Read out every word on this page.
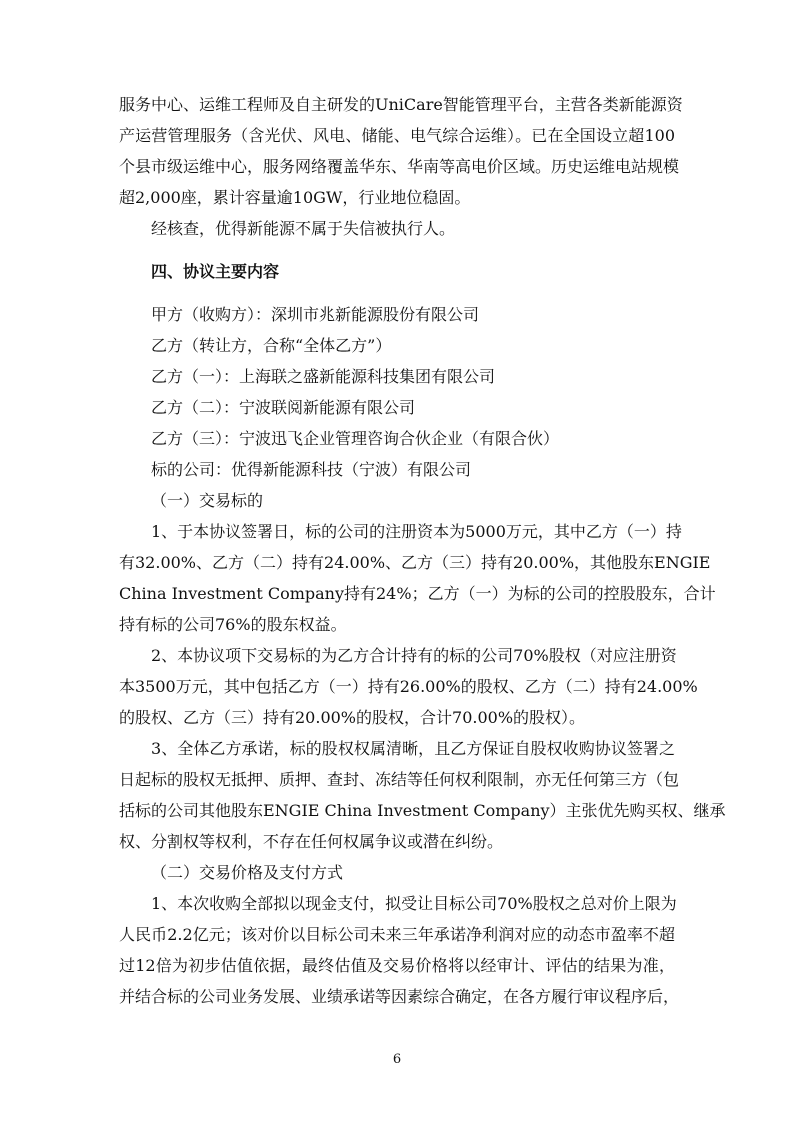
服务中心、运维工程师及自主研发的UniCare智能管理平台，主营各类新能源资
产运营管理服务（含光伏、风电、储能、电气综合运维）。已在全国设立超100
个县市级运维中心，服务网络覆盖华东、华南等高电价区域。历史运维电站规模
超2,000座，累计容量逾10GW，行业地位稳固。
经核查，优得新能源不属于失信被执行人。
四、协议主要内容
甲方（收购方）：深圳市兆新能源股份有限公司
乙方（转让方，合称“全体乙方”）
乙方（一）：上海联之盛新能源科技集团有限公司
乙方（二）：宁波联阅新能源有限公司
乙方（三）：宁波迅飞企业管理咨询合伙企业（有限合伙）
标的公司：优得新能源科技（宁波）有限公司
（一）交易标的
1、于本协议签署日，标的公司的注册资本为5000万元，其中乙方（一）持
有32.00%、乙方（二）持有24.00%、乙方（三）持有20.00%，其他股东ENGIE
China Investment Company持有24%；乙方（一）为标的公司的控股股东，合计
持有标的公司76%的股东权益。
2、本协议项下交易标的为乙方合计持有的标的公司70%股权（对应注册资
本3500万元，其中包括乙方（一）持有26.00%的股权、乙方（二）持有24.00%
的股权、乙方（三）持有20.00%的股权，合计70.00%的股权）。
3、全体乙方承诺，标的股权权属清晰，且乙方保证自股权收购协议签署之
日起标的股权无抵押、质押、查封、冻结等任何权利限制，亦无任何第三方（包
括标的公司其他股东ENGIE China Investment Company）主张优先购买权、继承
权、分割权等权利，不存在任何权属争议或潜在纠纷。
（二）交易价格及支付方式
1、本次收购全部拟以现金支付，拟受让目标公司70%股权之总对价上限为
人民币2.2亿元；该对价以目标公司未来三年承诺净利润对应的动态市盈率不超
过12倍为初步估值依据，最终估值及交易价格将以经审计、评估的结果为准，
并结合标的公司业务发展、业绩承诺等因素综合确定，在各方履行审议程序后，
6
